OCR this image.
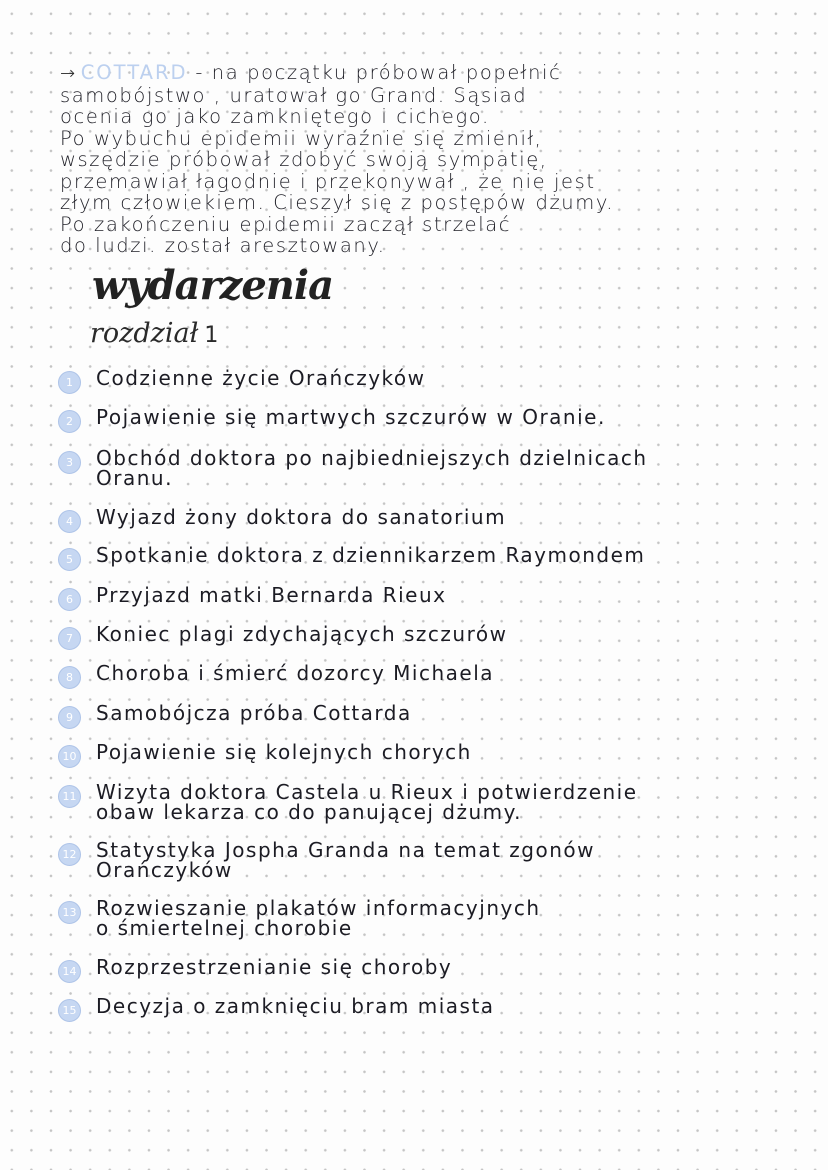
→ COTTARD - na początku próbował popełnić
samobójstwo , uratował go Grand. Sąsiad
ocenia go jako zamkniętego i cichego.
Po wybuchu epidemii wyraźnie się zmienił,
wszędzie próbował zdobyć swoją sympatię,
przemawiał łagodnie i przekonywał , że nie jest
złym człowiekiem. Cieszył się z postępów dżumy.
Po zakończeniu epidemii zaczął strzelać
do ludzi. został aresztowany.
wydarzenia
rozdział 1
1	Codzienne życie Orańczyków
2	Pojawienie się martwych szczurów w Oranie.
3	Obchód doktora po najbiedniejszych dzielnicach
Oranu.
4	Wyjazd żony doktora do sanatorium
5	Spotkanie doktora z dziennikarzem Raymondem
6	Przyjazd matki Bernarda Rieux
7	Koniec plagi zdychających szczurów
8	Choroba i śmierć dozorcy Michaela
9	Samobójcza próba Cottarda
10 Pojawienie się kolejnych chorych
11 Wizyta doktora Castela u Rieux i potwierdzenie
obaw lekarza co do panującej dżumy.
12 Statystyka Jospha Granda na temat zgonów
Orańczyków
13 Rozwieszanie plakatów informacyjnych
o śmiertelnej chorobie
14 Rozprzestrzenianie się choroby
15 Decyzja o zamknięciu bram miasta
